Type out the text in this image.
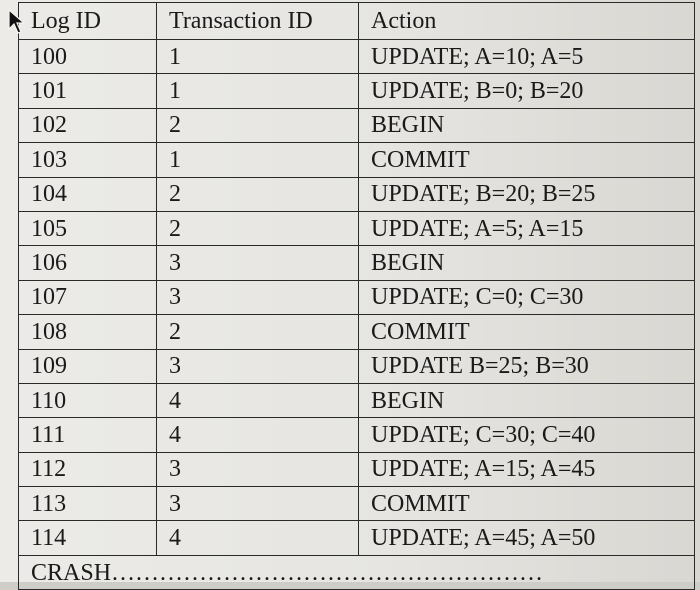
Log ID	Transaction ID	Action
100	1	UPDATE; A=10; A=5
101	1	UPDATE; B=0; B=20
102	2	BEGIN
103	1	COMMIT
104	2	UPDATE; B=20; B=25
105	2	UPDATE; A=5; A=15
106	3	BEGIN
107	3	UPDATE; C=0; C=30
108	2	COMMIT
109	3	UPDATE B=25; B=30
110	4	BEGIN
111	4	UPDATE; C=30; C=40
112	3	UPDATE; A=15; A=45
113	3	COMMIT
114	4	UPDATE; A=45; A=50
CRASH………………………………………………		
